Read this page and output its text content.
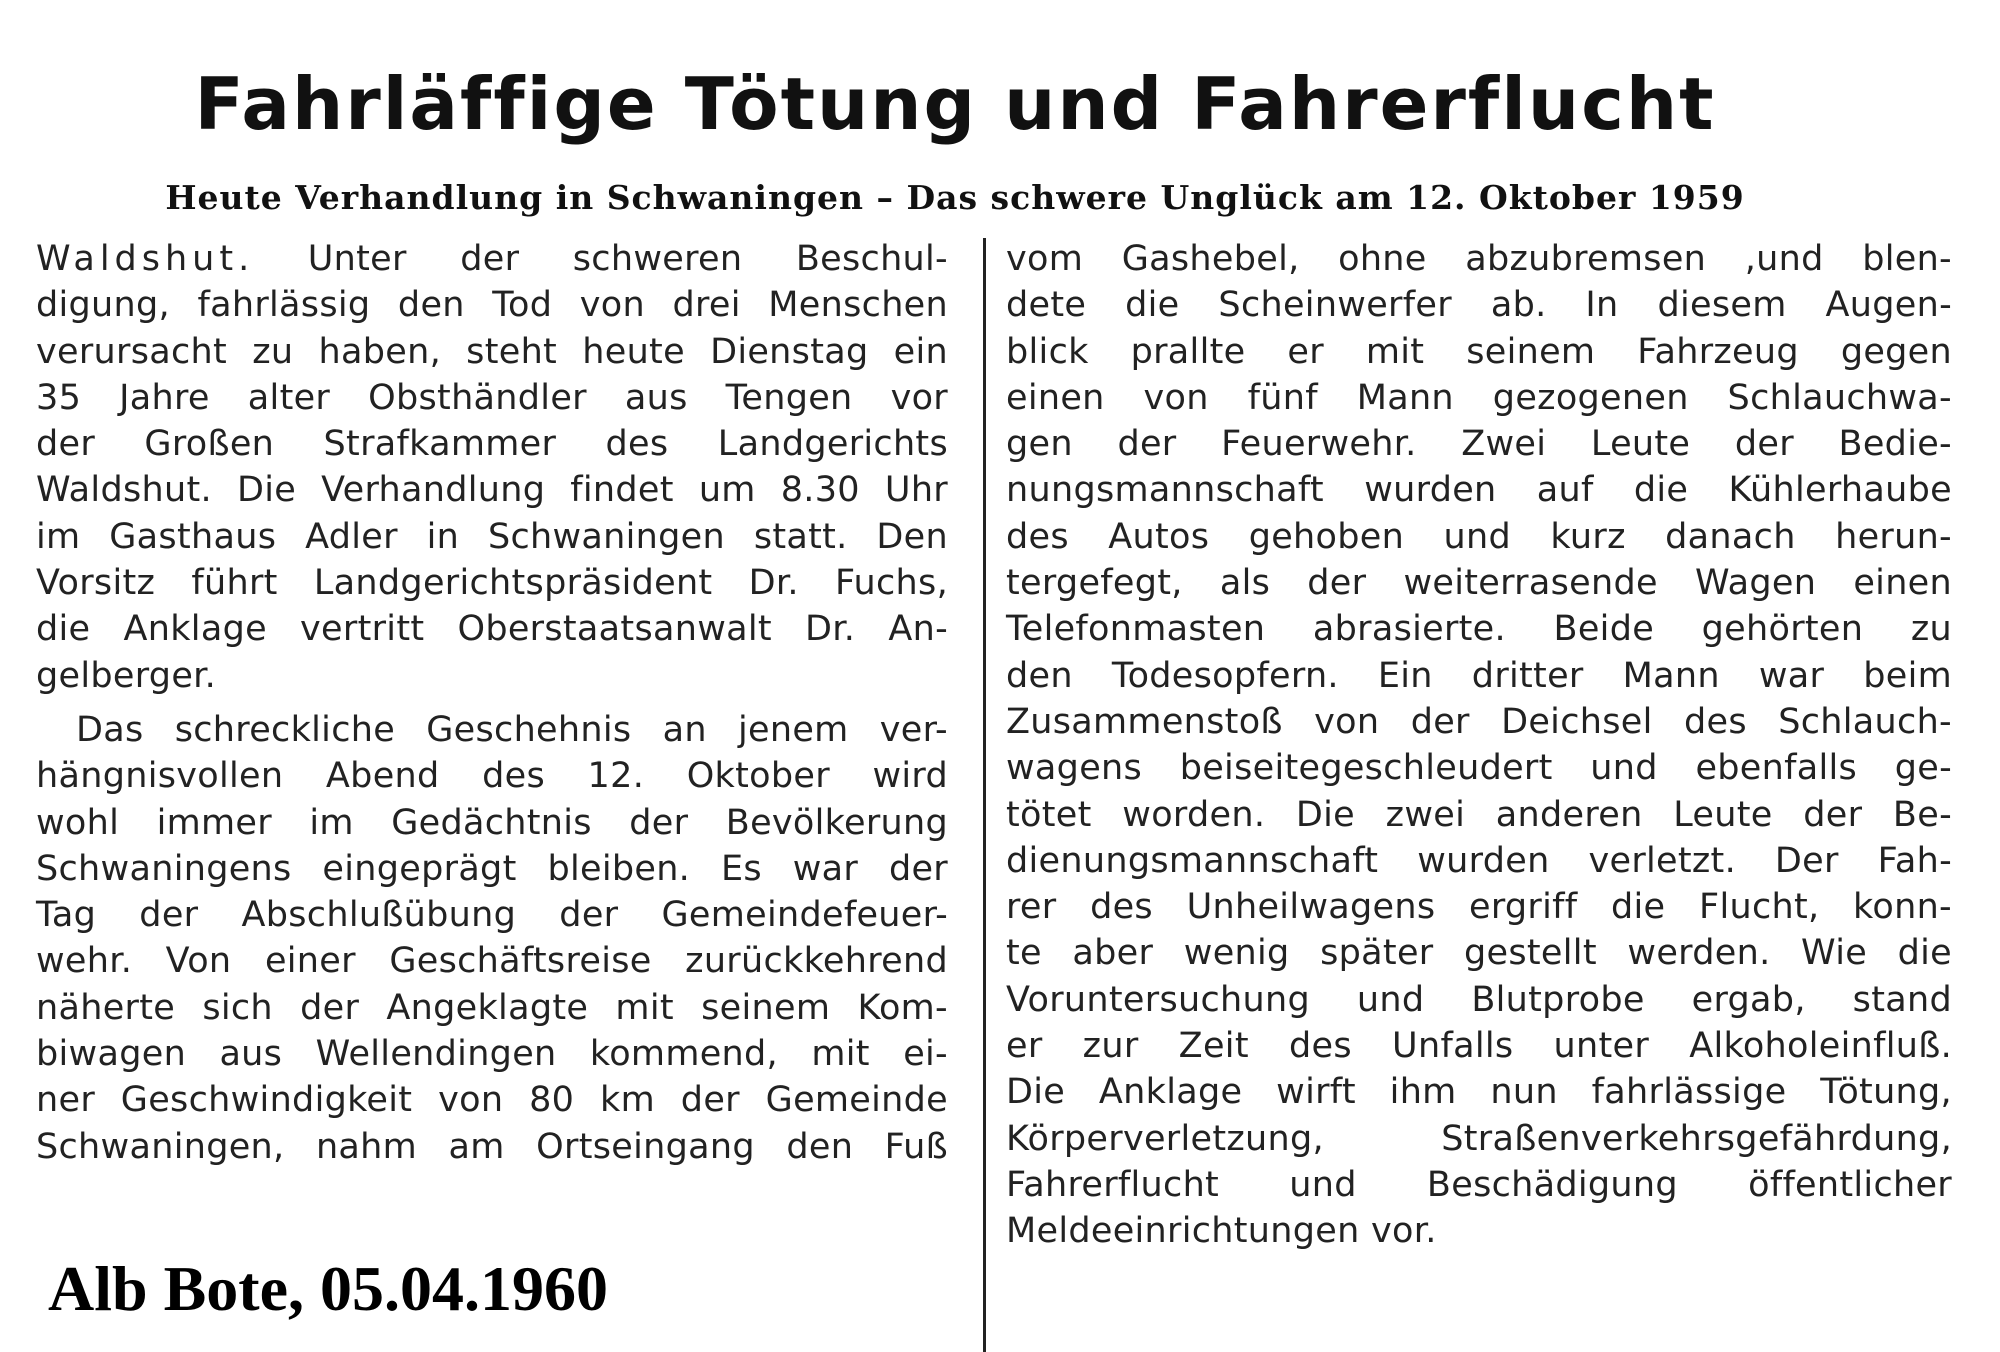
Fahrläffige Tötung und Fahrerflucht
Heute Verhandlung in Schwaningen – Das schwere Unglück am 12. Oktober 1959
Waldshut. Unter der schweren Beschul-
digung, fahrlässig den Tod von drei Menschen
verursacht zu haben, steht heute Dienstag ein
35 Jahre alter Obsthändler aus Tengen vor
der Großen Strafkammer des Landgerichts
Waldshut. Die Verhandlung findet um 8.30 Uhr
im Gasthaus Adler in Schwaningen statt. Den
Vorsitz führt Landgerichtspräsident Dr. Fuchs,
die Anklage vertritt Oberstaatsanwalt Dr. An-
gelberger.
Das schreckliche Geschehnis an jenem ver-
hängnisvollen Abend des 12. Oktober wird
wohl immer im Gedächtnis der Bevölkerung
Schwaningens eingeprägt bleiben. Es war der
Tag der Abschlußübung der Gemeindefeuer-
wehr. Von einer Geschäftsreise zurückkehrend
näherte sich der Angeklagte mit seinem Kom-
biwagen aus Wellendingen kommend, mit ei-
ner Geschwindigkeit von 80 km der Gemeinde
Schwaningen, nahm am Ortseingang den Fuß
vom Gashebel, ohne abzubremsen ,und blen-
dete die Scheinwerfer ab. In diesem Augen-
blick prallte er mit seinem Fahrzeug gegen
einen von fünf Mann gezogenen Schlauchwa-
gen der Feuerwehr. Zwei Leute der Bedie-
nungsmannschaft wurden auf die Kühlerhaube
des Autos gehoben und kurz danach herun-
tergefegt, als der weiterrasende Wagen einen
Telefonmasten abrasierte. Beide gehörten zu
den Todesopfern. Ein dritter Mann war beim
Zusammenstoß von der Deichsel des Schlauch-
wagens beiseitegeschleudert und ebenfalls ge-
tötet worden. Die zwei anderen Leute der Be-
dienungsmannschaft wurden verletzt. Der Fah-
rer des Unheilwagens ergriff die Flucht, konn-
te aber wenig später gestellt werden. Wie die
Voruntersuchung und Blutprobe ergab, stand
er zur Zeit des Unfalls unter Alkoholeinfluß.
Die Anklage wirft ihm nun fahrlässige Tötung,
Körperverletzung, Straßenverkehrsgefährdung,
Fahrerflucht und Beschädigung öffentlicher
Meldeeinrichtungen vor.
Alb Bote, 05.04.1960
